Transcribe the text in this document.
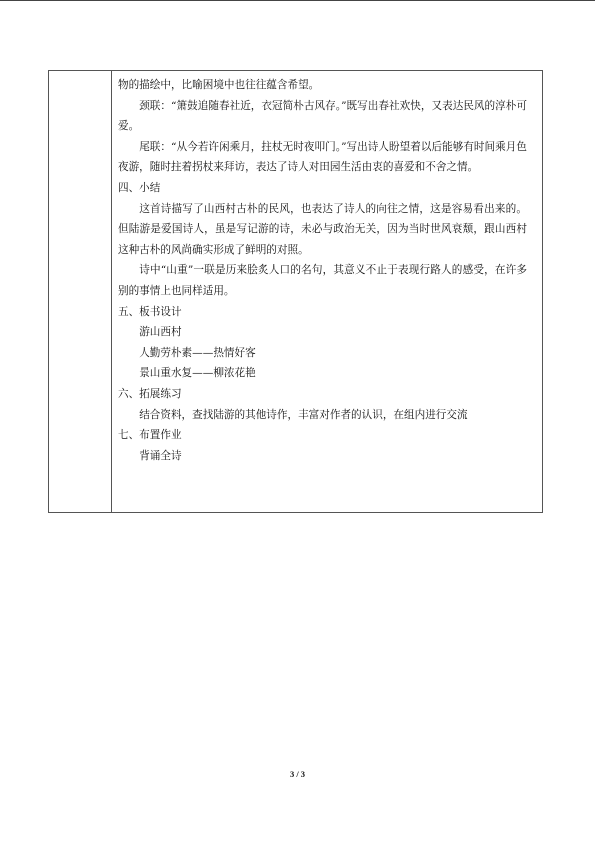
物的描绘中，比喻困境中也往往蕴含希望。

颈联：“箫鼓追随春社近，衣冠简朴古风存。”既写出春社欢快，又表达民风的淳朴可爱。

尾联：“从今若许闲乘月，拄杖无时夜叩门。”写出诗人盼望着以后能够有时间乘月色夜游，随时拄着拐杖来拜访，表达了诗人对田园生活由衷的喜爱和不舍之情。

四、小结

这首诗描写了山西村古朴的民风，也表达了诗人的向往之情，这是容易看出来的。但陆游是爱国诗人，虽是写记游的诗，未必与政治无关，因为当时世风衰颓，跟山西村这种古朴的风尚确实形成了鲜明的对照。

诗中“山重”一联是历来脍炙人口的名句，其意义不止于表现行路人的感受，在许多别的事情上也同样适用。

五、板书设计

游山西村

人勤劳朴素——热情好客

景山重水复——柳浓花艳

六、拓展练习

结合资料，查找陆游的其他诗作，丰富对作者的认识，在组内进行交流

七、布置作业

背诵全诗

3 / 3
